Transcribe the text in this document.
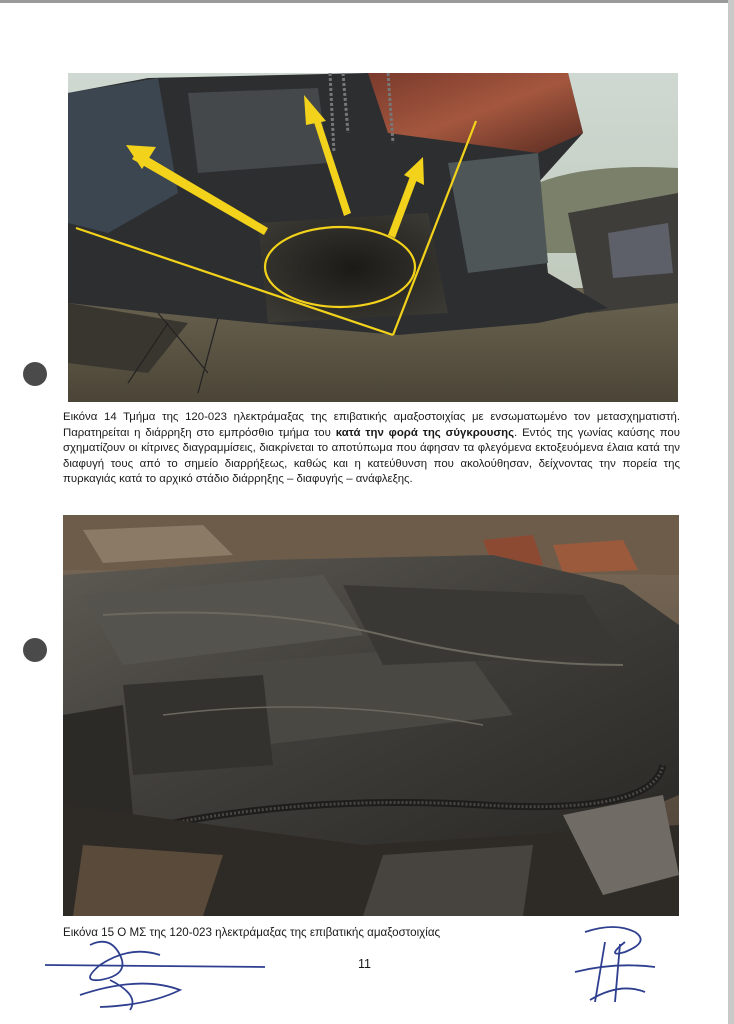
Εικόνα 14 Τμήμα της 120-023 ηλεκτράμαξας της επιβατικής αμαξοστοιχίας με ενσωματωμένο τον μετασχηματιστή. Παρατηρείται η διάρρηξη στο εμπρόσθιο τμήμα του κατά την φορά της σύγκρουσης. Εντός της γωνίας καύσης που σχηματίζουν οι κίτρινες διαγραμμίσεις, διακρίνεται το αποτύπωμα που άφησαν τα φλεγόμενα εκτοξευόμενα έλαια κατά την διαφυγή τους από το σημείο διαρρήξεως, καθώς και η κατεύθυνση που ακολούθησαν, δείχνοντας την πορεία της πυρκαγιάς κατά το αρχικό στάδιο διάρρηξης – διαφυγής – ανάφλεξης.
Εικόνα 15 Ο ΜΣ της 120-023 ηλεκτράμαξας της επιβατικής αμαξοστοιχίας
11
